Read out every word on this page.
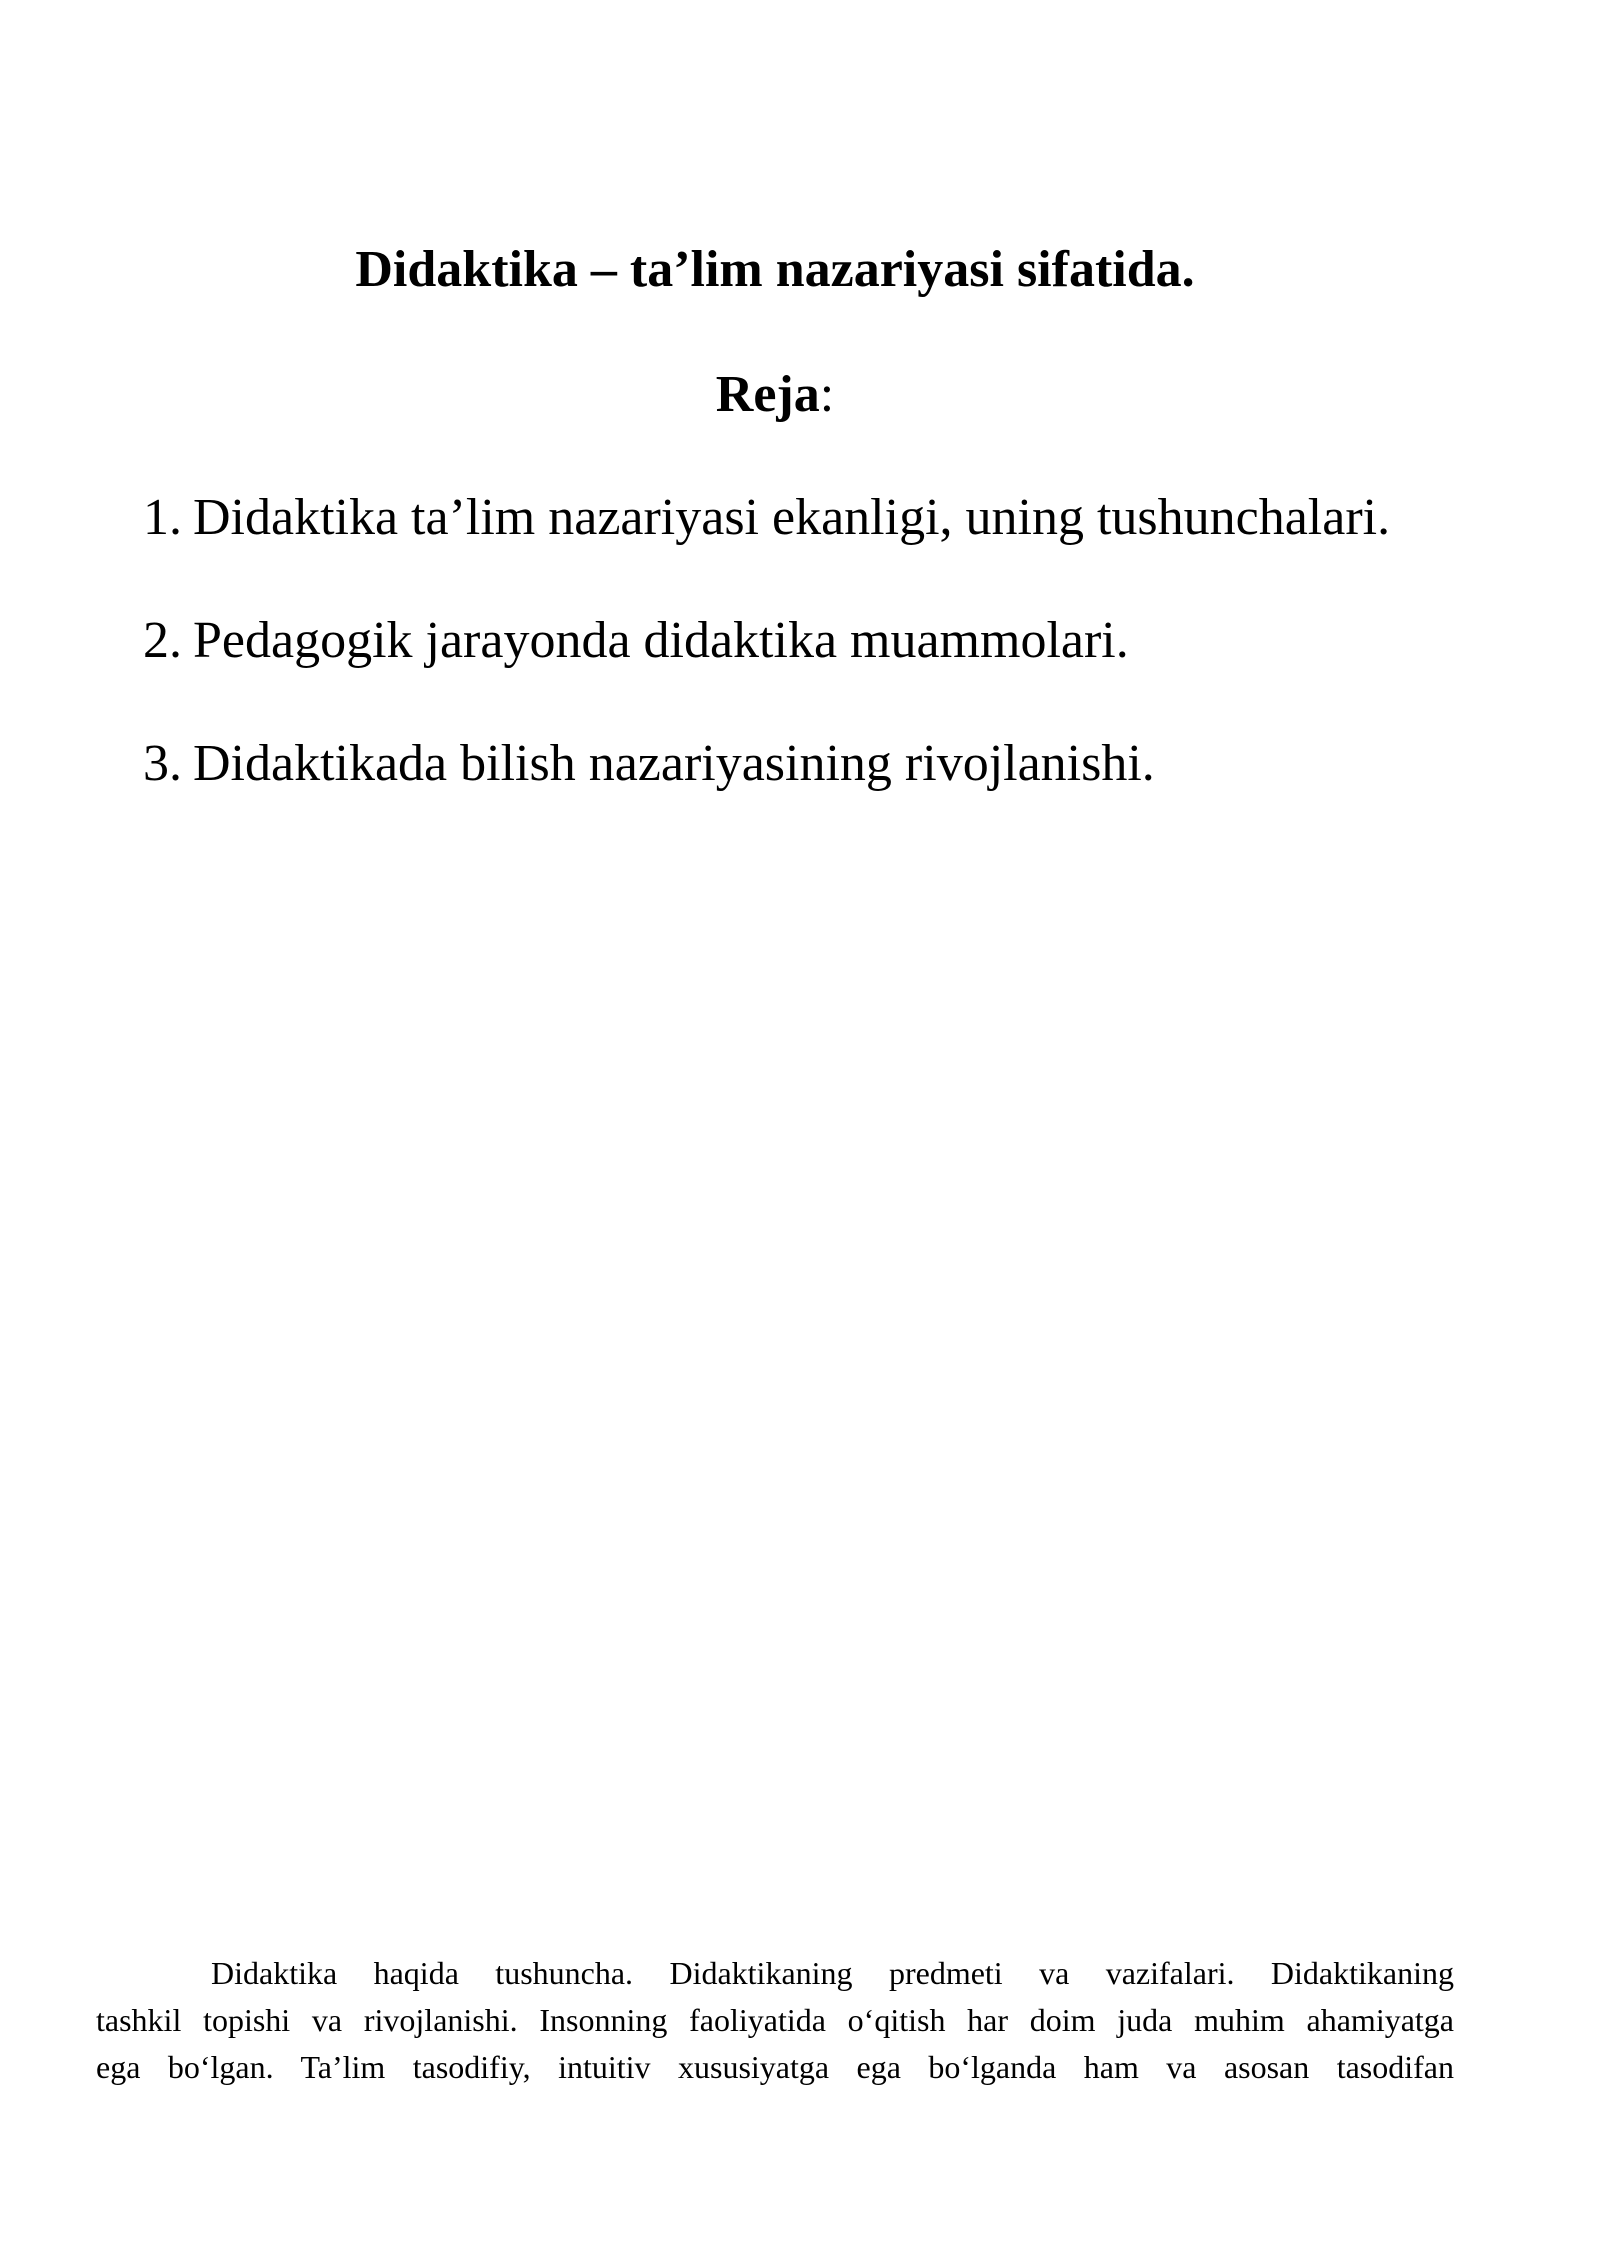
Didaktika – ta’lim nazariyasi sifatida.

Reja:

1. Didaktika ta’lim nazariyasi ekanligi, uning tushunchalari.
2. Pedagogik jarayonda didaktika muammolari.
3. Didaktikada bilish nazariyasining rivojlanishi.
Didaktika haqida tushuncha. Didaktikaning predmeti va vazifalari. Didaktikaning
tashkil topishi va rivojlanishi. Insonning faoliyatida o‘qitish har doim juda muhim ahamiyatga
ega bo‘lgan. Ta’lim tasodifiy, intuitiv xususiyatga ega bo‘lganda ham va asosan tasodifan
